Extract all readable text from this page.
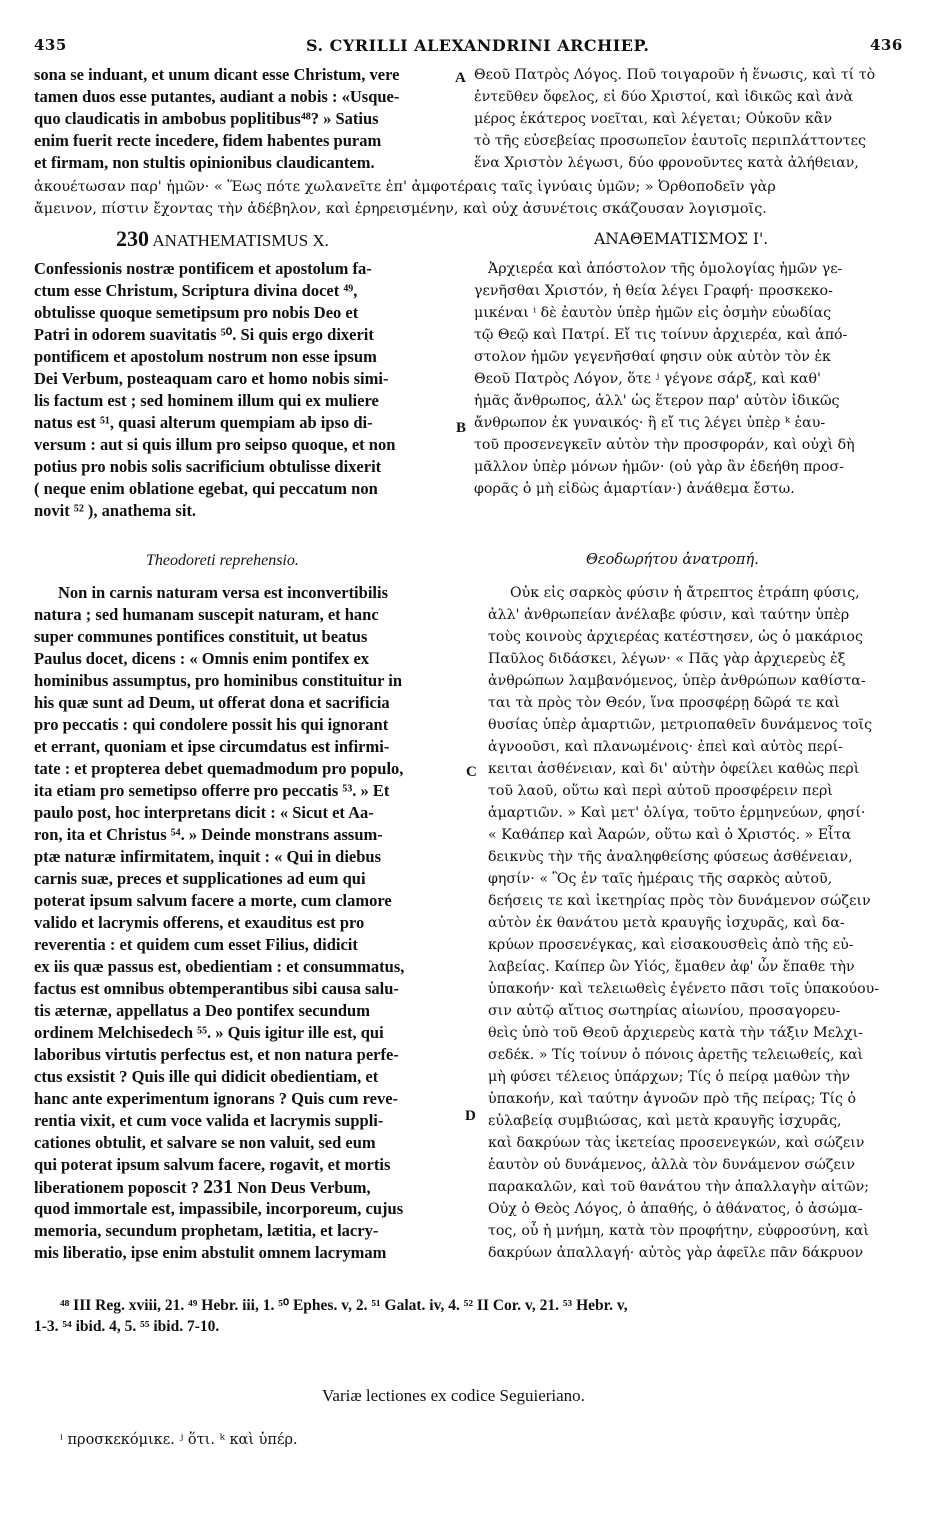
435	S. CYRILLI ALEXANDRINI ARCHIEP.	436
A
B
C
D
sona se induant, et unum dicant esse Christum, vere
tamen duos esse putantes, audiant a nobis : «Usque-
quo claudicatis in ambobus poplitibus⁴⁸? » Satius
enim fuerit recte incedere, fidem habentes puram
et firmam, non stultis opinionibus claudicantem.
Θεοῦ Πατρὸς Λόγος. Ποῦ τοιγαροῦν ἡ ἕνωσις, καὶ τί τὸ
ἐντεῦθεν ὄφελος, εἰ δύο Χριστοί, καὶ ἰδικῶς καὶ ἀνὰ
μέρος ἑκάτερος νοεῖται, καὶ λέγεται; Οὐκοῦν κἂν
τὸ τῆς εὐσεβείας προσωπεῖον ἑαυτοῖς περιπλάττοντες
ἕνα Χριστὸν λέγωσι, δύο φρονοῦντες κατὰ ἀλήθειαν,
ἀκουέτωσαν παρ' ἡμῶν· « Ἕως πότε χωλανεῖτε ἐπ' ἀμφοτέραις ταῖς ἰγνύαις ὑμῶν; » Ὀρθοποδεῖν γὰρ
ἄμεινον, πίστιν ἔχοντας τὴν ἀδέβηλον, καὶ ἐρηρεισμένην, καὶ οὐχ ἀσυνέτοις σκάζουσαν λογισμοῖς.
230 ANATHEMATISMUS X.	ΑΝΑΘΕΜΑΤΙΣΜΟΣ Ι'.
Confessionis nostræ pontificem et apostolum fa-
ctum esse Christum, Scriptura divina docet ⁴⁹,
obtulisse quoque semetipsum pro nobis Deo et
Patri in odorem suavitatis ⁵⁰. Si quis ergo dixerit
pontificem et apostolum nostrum non esse ipsum
Dei Verbum, posteaquam caro et homo nobis simi-
lis factum est ; sed hominem illum qui ex muliere
natus est ⁵¹, quasi alterum quempiam ab ipso di-
versum : aut si quis illum pro seipso quoque, et non
potius pro nobis solis sacrificium obtulisse dixerit
( neque enim oblatione egebat, qui peccatum non
novit ⁵² ), anathema sit.
Ἀρχιερέα καὶ ἀπόστολον τῆς ὁμολογίας ἡμῶν γε-
γενῆσθαι Χριστόν, ἡ θεία λέγει Γραφή· προσκεκο-
μικέναι ⁱ δὲ ἑαυτὸν ὑπὲρ ἡμῶν εἰς ὀσμὴν εὐωδίας
τῷ Θεῷ καὶ Πατρί. Εἴ τις τοίνυν ἀρχιερέα, καὶ ἀπό-
στολον ἡμῶν γεγενῆσθαί φησιν οὐκ αὐτὸν τὸν ἐκ
Θεοῦ Πατρὸς Λόγον, ὅτε ʲ γέγονε σάρξ, καὶ καθ'
ἡμᾶς ἄνθρωπος, ἀλλ' ὡς ἕτερον παρ' αὐτὸν ἰδικῶς
ἄνθρωπον ἐκ γυναικός· ἢ εἴ τις λέγει ὑπὲρ ᵏ ἑαυ-
τοῦ προσενεγκεῖν αὐτὸν τὴν προσφοράν, καὶ οὐχὶ δὴ
μᾶλλον ὑπὲρ μόνων ἡμῶν· (οὐ γὰρ ἂν ἐδεήθη προσ-
φορᾶς ὁ μὴ εἰδὼς ἁμαρτίαν·) ἀνάθεμα ἔστω.
Theodoreti reprehensio.	Θεοδωρήτου ἀνατροπή.
Non in carnis naturam versa est inconvertibilis
natura ; sed humanam suscepit naturam, et hanc
super communes pontifices constituit, ut beatus
Paulus docet, dicens : « Omnis enim pontifex ex
hominibus assumptus, pro hominibus constituitur in
his quæ sunt ad Deum, ut offerat dona et sacrificia
pro peccatis : qui condolere possit his qui ignorant
et errant, quoniam et ipse circumdatus est infirmi-
tate : et propterea debet quemadmodum pro populo,
ita etiam pro semetipso offerre pro peccatis ⁵³. » Et
paulo post, hoc interpretans dicit : « Sicut et Aa-
ron, ita et Christus ⁵⁴. » Deinde monstrans assum-
ptæ naturæ infirmitatem, inquit : « Qui in diebus
carnis suæ, preces et supplicationes ad eum qui
poterat ipsum salvum facere a morte, cum clamore
valido et lacrymis offerens, et exauditus est pro
reverentia : et quidem cum esset Filius, didicit
ex iis quæ passus est, obedientiam : et consummatus,
factus est omnibus obtemperantibus sibi causa salu-
tis æternæ, appellatus a Deo pontifex secundum
ordinem Melchisedech ⁵⁵. » Quis igitur ille est, qui
laboribus virtutis perfectus est, et non natura perfe-
ctus exsistit ? Quis ille qui didicit obedientiam, et
hanc ante experimentum ignorans ? Quis cum reve-
rentia vixit, et cum voce valida et lacrymis suppli-
cationes obtulit, et salvare se non valuit, sed eum
qui poterat ipsum salvum facere, rogavit, et mortis
liberationem poposcit ? 231 Non Deus Verbum,
quod immortale est, impassibile, incorporeum, cujus
memoria, secundum prophetam, lætitia, et lacry-
mis liberatio, ipse enim abstulit omnem lacrymam
Οὐκ εἰς σαρκὸς φύσιν ἡ ἄτρεπτος ἐτράπη φύσις,
ἀλλ' ἀνθρωπείαν ἀνέλαβε φύσιν, καὶ ταύτην ὑπὲρ
τοὺς κοινοὺς ἀρχιερέας κατέστησεν, ὡς ὁ μακάριος
Παῦλος διδάσκει, λέγων· « Πᾶς γὰρ ἀρχιερεὺς ἐξ
ἀνθρώπων λαμβανόμενος, ὑπὲρ ἀνθρώπων καθίστα-
ται τὰ πρὸς τὸν Θεόν, ἵνα προσφέρῃ δῶρά τε καὶ
θυσίας ὑπὲρ ἁμαρτιῶν, μετριοπαθεῖν δυνάμενος τοῖς
ἀγνοοῦσι, καὶ πλανωμένοις· ἐπεὶ καὶ αὐτὸς περί-
κειται ἀσθένειαν, καὶ δι' αὐτὴν ὀφείλει καθὼς περὶ
τοῦ λαοῦ, οὕτω καὶ περὶ αὑτοῦ προσφέρειν περὶ
ἁμαρτιῶν. » Καὶ μετ' ὀλίγα, τοῦτο ἑρμηνεύων, φησί·
« Καθάπερ καὶ Ἀαρών, οὕτω καὶ ὁ Χριστός. » Εἶτα
δεικνὺς τὴν τῆς ἀναληφθείσης φύσεως ἀσθένειαν,
φησίν· « Ὃς ἐν ταῖς ἡμέραις τῆς σαρκὸς αὐτοῦ,
δεήσεις τε καὶ ἱκετηρίας πρὸς τὸν δυνάμενον σώζειν
αὐτὸν ἐκ θανάτου μετὰ κραυγῆς ἰσχυρᾶς, καὶ δα-
κρύων προσενέγκας, καὶ εἰσακουσθεὶς ἀπὸ τῆς εὐ-
λαβείας. Καίπερ ὢν Υἱός, ἔμαθεν ἀφ' ὧν ἔπαθε τὴν
ὑπακοήν· καὶ τελειωθεὶς ἐγένετο πᾶσι τοῖς ὑπακούου-
σιν αὐτῷ αἴτιος σωτηρίας αἰωνίου, προσαγορευ-
θεὶς ὑπὸ τοῦ Θεοῦ ἀρχιερεὺς κατὰ τὴν τάξιν Μελχι-
σεδέκ. » Τίς τοίνυν ὁ πόνοις ἀρετῆς τελειωθείς, καὶ
μὴ φύσει τέλειος ὑπάρχων; Τίς ὁ πείρᾳ μαθὼν τὴν
ὑπακοήν, καὶ ταύτην ἀγνοῶν πρὸ τῆς πείρας; Τίς ὁ
εὐλαβείᾳ συμβιώσας, καὶ μετὰ κραυγῆς ἰσχυρᾶς,
καὶ δακρύων τὰς ἱκετείας προσενεγκών, καὶ σώζειν
ἑαυτὸν οὐ δυνάμενος, ἀλλὰ τὸν δυνάμενον σώζειν
παρακαλῶν, καὶ τοῦ θανάτου τὴν ἀπαλλαγὴν αἰτῶν;
Οὐχ ὁ Θεὸς Λόγος, ὁ ἀπαθής, ὁ ἀθάνατος, ὁ ἀσώμα-
τος, οὗ ἡ μνήμη, κατὰ τὸν προφήτην, εὐφροσύνη, καὶ
δακρύων ἀπαλλαγή· αὐτὸς γὰρ ἀφεῖλε πᾶν δάκρυον
⁴⁸ III Reg. xviii, 21. ⁴⁹ Hebr. iii, 1. ⁵⁰ Ephes. v, 2. ⁵¹ Galat. iv, 4. ⁵² II Cor. v, 21. ⁵³ Hebr. v,
1-3. ⁵⁴ ibid. 4, 5. ⁵⁵ ibid. 7-10.
Variæ lectiones ex codice Seguieriano.
ⁱ προσκεκόμικε. ʲ ὅτι. ᵏ καὶ ὑπέρ.
